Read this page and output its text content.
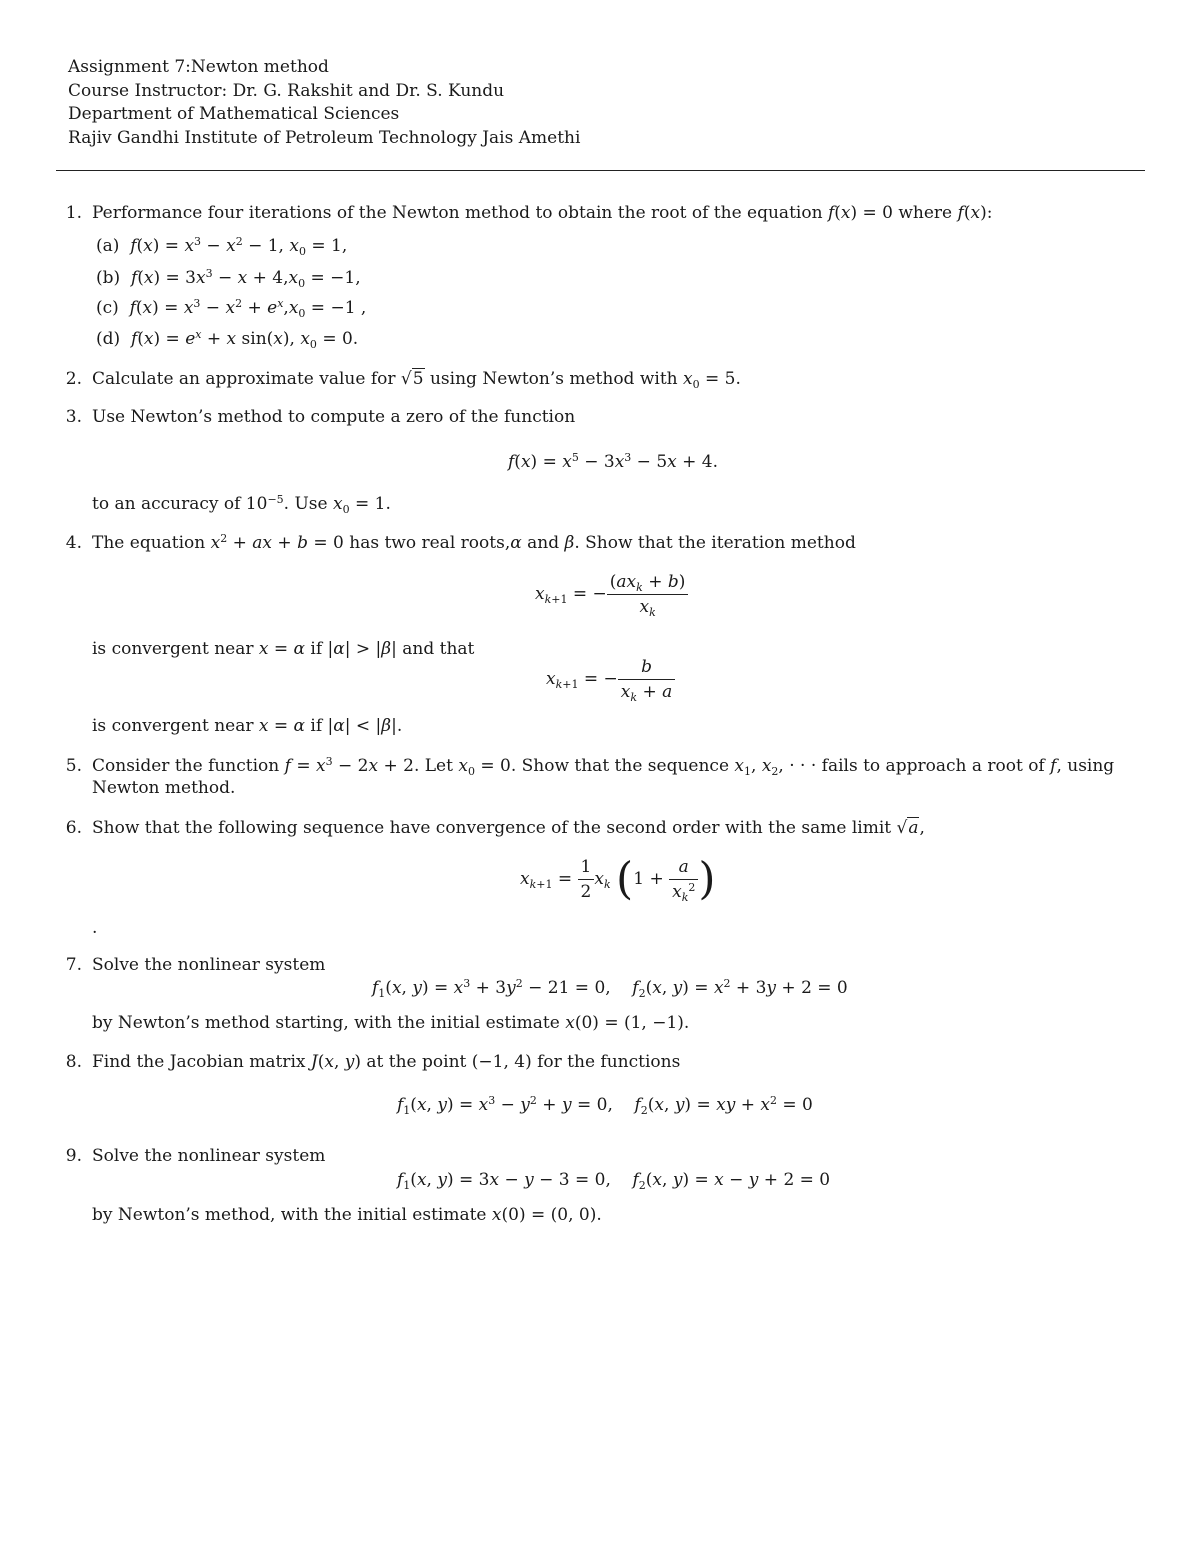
Assignment 7:Newton method
Course Instructor: Dr. G. Rakshit and Dr. S. Kundu
Department of Mathematical Sciences
Rajiv Gandhi Institute of Petroleum Technology Jais Amethi
1. Performance four iterations of the Newton method to obtain the root of the equation f(x) = 0 where f(x):
(a)  $f(x) = x^3 - x^2 - 1$, $x_0 = 1$,
(b)  $f(x) = 3x^3 - x + 4,x_0 = -1$,
(c)  $f(x) = x^3 - x^2 + e^x,x_0 = -1$ ,
(d)  $f(x) = e^x + x$ sin(x), $x_0 = 0$.
2. Calculate an approximate value for √5 using Newton’s method with $x_0 = 5$.
3. Use Newton’s method to compute a zero of the function
$f(x) = x^5 - 3x^3 - 5x + 4$.
to an accuracy of $10^{-5}$. Use $x_0 = 1$.
4. The equation $x^2$ + ax + b = 0 has two real roots,α and β. Show that the iteration method
$x_{k+1}$ = − $\frac{(ax_k + b)}{x_k}$
is convergent near x = α if |α| > |β| and that
$x_{k+1}$ = − $\frac{b}{x_k + a}$
is convergent near x = α if |α| < |β|.
5. Consider the function $f = x^3 - 2x + 2$. Let $x_0 = 0$. Show that the sequence $x_1$, $x_2$, · · · fails to approach a root of f, using
Newton method.
6. Show that the following sequence have convergence of the second order with the same limit √a,
$x_{k+1} = \frac{1}{2} x_k$ ($1 + \frac{a}{x_k^2}$ )
.
7. Solve the nonlinear system
$f_1(x$, $y) = x^3 + 3y^2 - 21 = 0$,    $f_2(x$, $y) = x^2 + 3y + 2 = 0$
by Newton’s method starting, with the initial estimate x(0) = (1, −1).
8. Find the Jacobian matrix J(x, y) at the point (−1, 4) for the functions
$f_1(x$, $y) = x^3 - y^2 + y = 0$,    $f_2(x$, y) = xy + $x^2 = 0$
9. Solve the nonlinear system
$f_1(x$, y) = 3x − y − 3 = 0,    $f_2(x$, y) = x − y + 2 = 0
by Newton’s method, with the initial estimate x(0) = (0, 0).
